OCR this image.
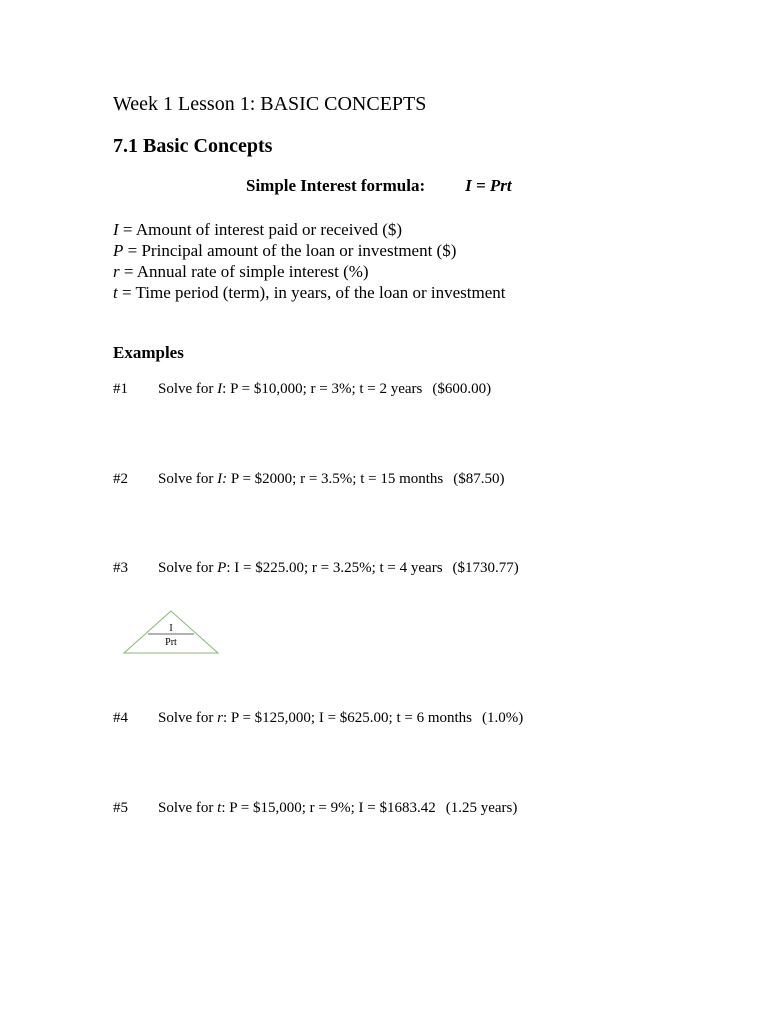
Week 1 Lesson 1: BASIC CONCEPTS
7.1 Basic Concepts
Simple Interest formula: I = Prt
I = Amount of interest paid or received ($)
P = Principal amount of the loan or investment ($)
r = Annual rate of simple interest (%)
t = Time period (term), in years, of the loan or investment
Examples
#1 Solve for I: P = $10,000; r = 3%; t = 2 years ($600.00)
#2 Solve for I: P = $2000; r = 3.5%; t = 15 months ($87.50)
#3 Solve for P: I = $225.00; r = 3.25%; t = 4 years ($1730.77)
I
Prt
#4 Solve for r: P = $125,000; I = $625.00; t = 6 months (1.0%)
#5 Solve for t: P = $15,000; r = 9%; I = $1683.42 (1.25 years)
